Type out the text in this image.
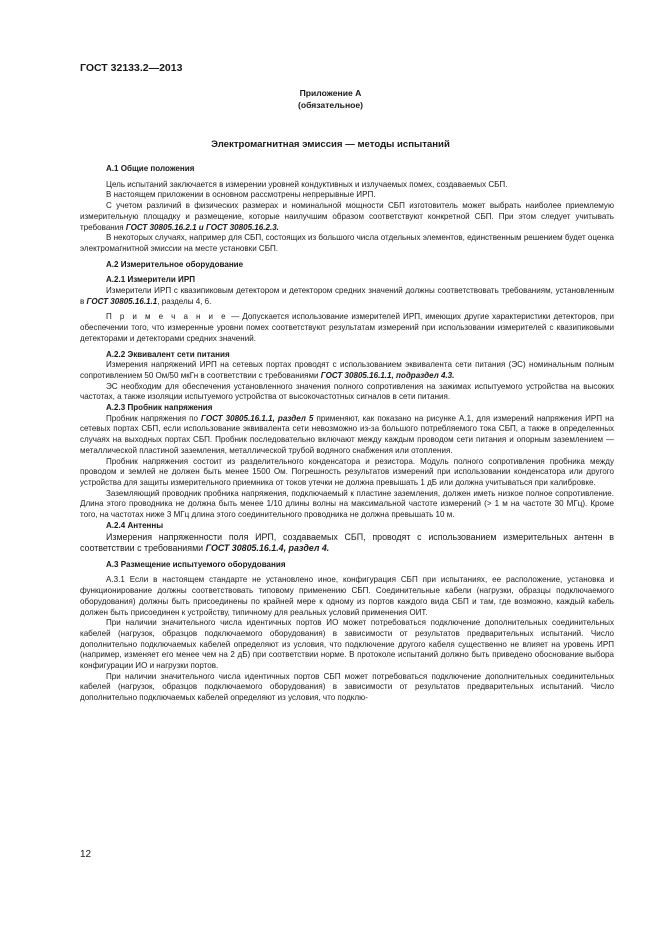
ГОСТ 32133.2—2013
Приложение А
(обязательное)
Электромагнитная эмиссия — методы испытаний
А.1 Общие положения

Цель испытаний заключается в измерении уровней кондуктивных и излучаемых помех, создаваемых СБП.

В настоящем приложении в основном рассмотрены непрерывные ИРП.

С учетом различий в физических размерах и номинальной мощности СБП изготовитель может выбрать наиболее приемлемую измерительную площадку и размещение, которые наилучшим образом соответствуют конкретной СБП. При этом следует учитывать требования ГОСТ 30805.16.2.1 и ГОСТ 30805.16.2.3.

В некоторых случаях, например для СБП, состоящих из большого числа отдельных элементов, единственным решением будет оценка электромагнитной эмиссии на месте установки СБП.

А.2 Измерительное оборудование
А.2.1 Измерители ИРП

Измерители ИРП с квазипиковым детектором и детектором средних значений должны соответствовать требованиям, установленным в ГОСТ 30805.16.1.1, разделы 4, 6.

П р и м е ч а н и е — Допускается использование измерителей ИРП, имеющих другие характеристики детекторов, при обеспечении того, что измеренные уровни помех соответствуют результатам измерений при использовании измерителей с квазипиковыми детекторами и детекторами средних значений.

А.2.2 Эквивалент сети питания

Измерения напряжений ИРП на сетевых портах проводят с использованием эквивалента сети питания (ЭС) номинальным полным сопротивлением 50 Ом/50 мкГн в соответствии с требованиями ГОСТ 30805.16.1.1, подраздел 4.3.

ЭС необходим для обеспечения установленного значения полного сопротивления на зажимах испытуемого устройства на высоких частотах, а также изоляции испытуемого устройства от высокочастотных сигналов в сети питания.

А.2.3 Пробник напряжения

Пробник напряжения по ГОСТ 30805.16.1.1, раздел 5 применяют, как показано на рисунке А.1, для измерений напряжения ИРП на сетевых портах СБП, если использование эквивалента сети невозможно из-за большого потребляемого тока СБП, а также в определенных случаях на выходных портах СБП. Пробник последовательно включают между каждым проводом сети питания и опорным заземлением — металлической пластиной заземления, металлической трубой водяного снабжения или отопления.

Пробник напряжения состоит из разделительного конденсатора и резистора. Модуль полного сопротивления пробника между проводом и землей не должен быть менее 1500 Ом. Погрешность результатов измерений при использовании конденсатора или другого устройства для защиты измерительного приемника от токов утечки не должна превышать 1 дБ или должна учитываться при калибровке.

Заземляющий проводник пробника напряжения, подключаемый к пластине заземления, должен иметь низкое полное сопротивление. Длина этого проводника не должна быть менее 1/10 длины волны на максимальной частоте измерений (> 1 м на частоте 30 МГц). Кроме того, на частотах ниже 3 МГц длина этого соединительного проводника не должна превышать 10 м.

А.2.4 Антенны

Измерения напряженности поля ИРП, создаваемых СБП, проводят с использованием измерительных антенн в соответствии с требованиями ГОСТ 30805.16.1.4, раздел 4.

А.3 Размещение испытуемого оборудования

А.3.1 Если в настоящем стандарте не установлено иное, конфигурация СБП при испытаниях, ее расположение, установка и функционирование должны соответствовать типовому применению СБП. Соединительные кабели (нагрузки, образцы подключаемого оборудования) должны быть присоединены по крайней мере к одному из портов каждого вида СБП и там, где возможно, каждый кабель должен быть присоединен к устройству, типичному для реальных условий применения ОИТ.

При наличии значительного числа идентичных портов ИО может потребоваться подключение дополнительных соединительных кабелей (нагрузок, образцов подключаемого оборудования) в зависимости от результатов предварительных испытаний. Число дополнительно подключаемых кабелей определяют из условия, что подключение другого кабеля существенно не влияет на уровень ИРП (например, изменяет его менее чем на 2 дБ) при соответствии норме. В протоколе испытаний должно быть приведено обоснование выбора конфигурации ИО и нагрузки портов.

При наличии значительного числа идентичных портов СБП может потребоваться подключение дополнительных соединительных кабелей (нагрузок, образцов подключаемого оборудования) в зависимости от результатов предварительных испытаний. Число дополнительно подключаемых кабелей определяют из условия, что подклю-

12
